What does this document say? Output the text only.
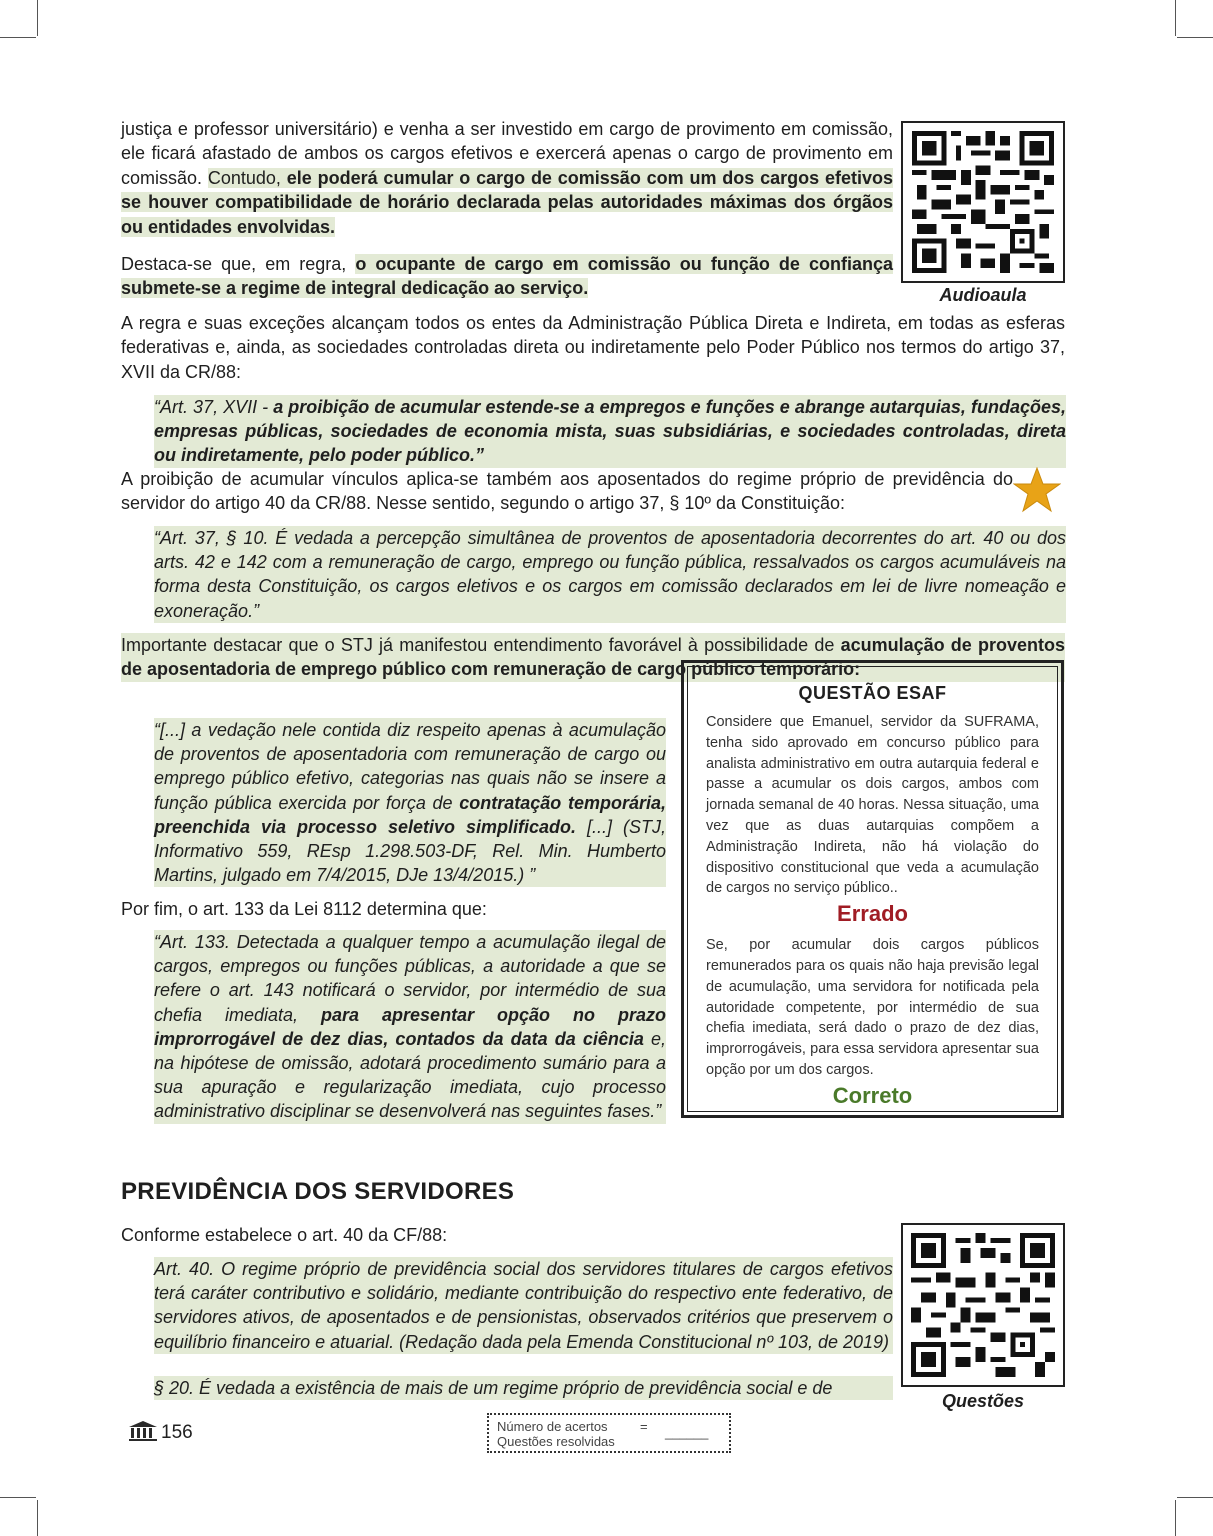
justiça e professor universitário) e venha a ser investido em cargo de provimento em comissão, ele ficará afastado de ambos os cargos efetivos e exercerá apenas o cargo de provimento em comissão. Contudo, ele poderá cumular o cargo de comissão com um dos cargos efetivos se houver compatibilidade de horário declarada pelas autoridades máximas dos órgãos ou entidades envolvidas.

Destaca-se que, em regra, o ocupante de cargo em comissão ou função de confiança submete-se a regime de integral dedicação ao serviço.	Audioaula

A regra e suas exceções alcançam todos os entes da Administração Pública Direta e Indireta, em todas as esferas federativas e, ainda, as sociedades controladas direta ou indiretamente pelo Poder Público nos termos do artigo 37, XVII da CR/88:

“Art. 37, XVII - a proibição de acumular estende-se a empregos e funções e abrange autarquias, fundações, empresas públicas, sociedades de economia mista, suas subsidiárias, e sociedades controladas, direta ou indiretamente, pelo poder público.”

A proibição de acumular vínculos aplica-se também aos aposentados do regime próprio de previdência do servidor do artigo 40 da CR/88. Nesse sentido, segundo o artigo 37, § 10º da Constituição:

“Art. 37, § 10. É vedada a percepção simultânea de proventos de aposentadoria decorrentes do art. 40 ou dos arts. 42 e 142 com a remuneração de cargo, emprego ou função pública, ressalvados os cargos acumuláveis na forma desta Constituição, os cargos eletivos e os cargos em comissão declarados em lei de livre nomeação e exoneração.”

Importante destacar que o STJ já manifestou entendimento favorável à possibilidade de acumulação de proventos de aposentadoria de emprego público com remuneração de cargo público temporário:

“[...] a vedação nele contida diz respeito apenas à acumulação de proventos de aposentadoria com remuneração de cargo ou emprego público efetivo, categorias nas quais não se insere a função pública exercida por força de contratação temporária, preenchida via processo seletivo simplificado. [...] (STJ, Informativo 559, REsp 1.298.503-DF, Rel. Min. Humberto Martins, julgado em 7/4/2015, DJe 13/4/2015.) ”

Por fim, o art. 133 da Lei 8112 determina que:

“Art. 133. Detectada a qualquer tempo a acumulação ilegal de cargos, empregos ou funções públicas, a autoridade a que se refere o art. 143 notificará o servidor, por intermédio de sua chefia imediata, para apresentar opção no prazo improrrogável de dez dias, contados da data da ciência e, na hipótese de omissão, adotará procedimento sumário para a sua apuração e regularização imediata, cujo processo administrativo disciplinar se desenvolverá nas seguintes fases.”
QUESTÃO ESAF

Considere que Emanuel, servidor da SUFRAMA, tenha sido aprovado em concurso público para analista administrativo em outra autarquia federal e passe a acumular os dois cargos, ambos com jornada semanal de 40 horas. Nessa situação, uma vez que as duas autarquias compõem a Administração Indireta, não há violação do dispositivo constitucional que veda a acumulação de cargos no serviço público..

Errado

Se, por acumular dois cargos públicos remunerados para os quais não haja previsão legal de acumulação, uma servidora for notificada pela autoridade competente, por intermédio de sua chefia imediata, será dado o prazo de dez dias, improrrogáveis, para essa servidora apresentar sua opção por um dos cargos.

Correto
PREVIDÊNCIA DOS SERVIDORES

Conforme estabelece o art. 40 da CF/88:

Art. 40. O regime próprio de previdência social dos servidores titulares de cargos efetivos terá caráter contributivo e solidário, mediante contribuição do respectivo ente federativo, de servidores ativos, de aposentados e de pensionistas, observados critérios que preservem o equilíbrio financeiro e atuarial. (Redação dada pela Emenda Constitucional nº 103, de 2019)
§ 20. É vedada a existência de mais de um regime próprio de previdência social e de
Questões
156	Número de acertos = ______
Questões resolvidas
